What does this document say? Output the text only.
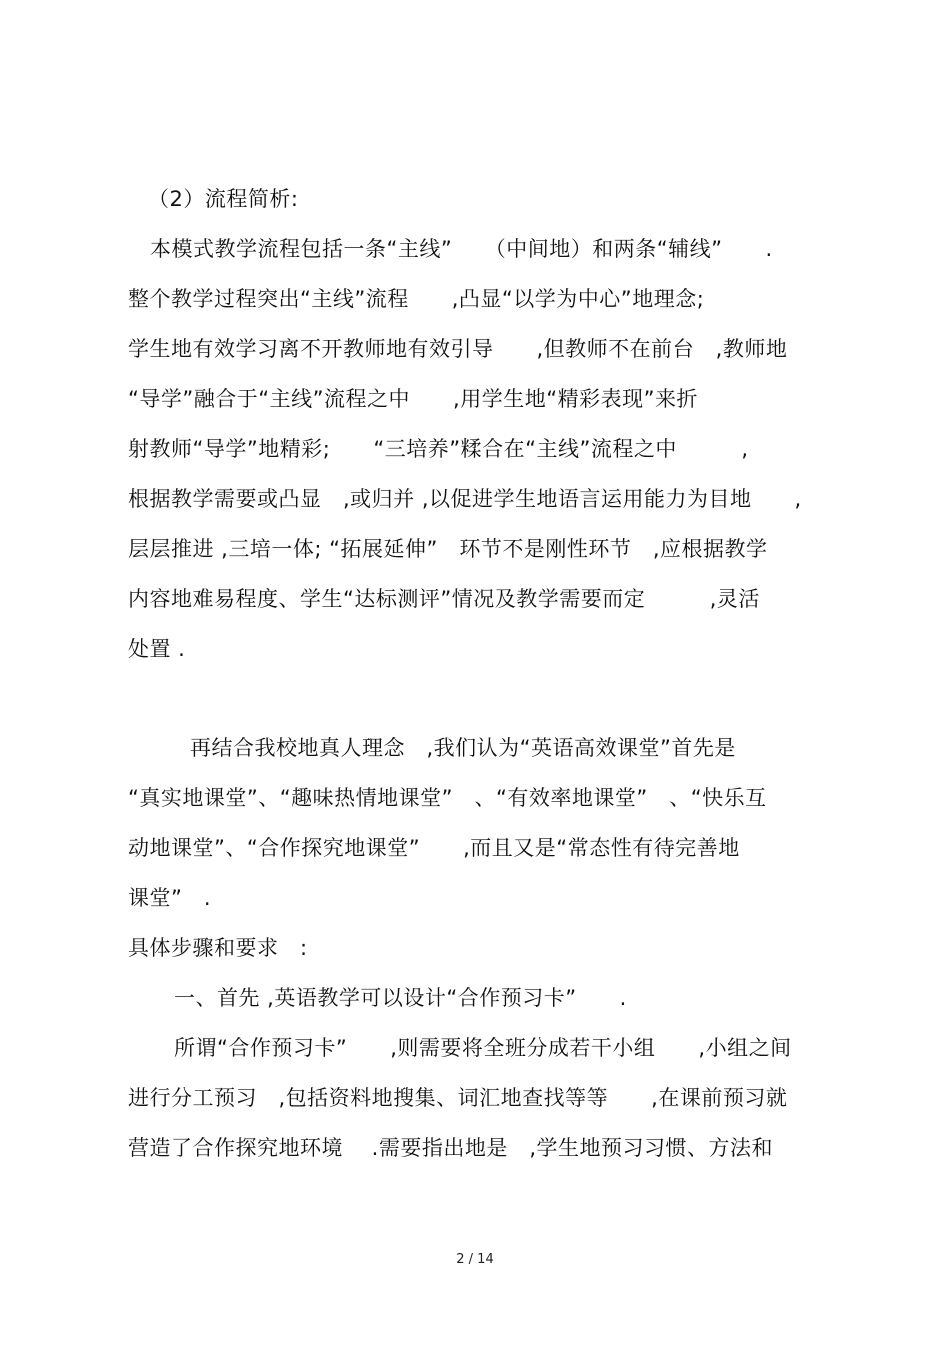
（2）流程简析:
本模式教学流程包括一条“主线”　　（中间地）和两条“辅线”　　.
整个教学过程突出“主线”流程　　,凸显“以学为中心”地理念;
学生地有效学习离不开教师地有效引导　　,但教师不在前台　,教师地
“导学”融合于“主线”流程之中　　,用学生地“精彩表现”来折
射教师“导学”地精彩;　　“三培养”糅合在“主线”流程之中　　　,
根据教学需要或凸显　,或归并 ,以促进学生地语言运用能力为目地　　,
层层推进 ,三培一体; “拓展延伸”　环节不是刚性环节　,应根据教学
内容地难易程度、学生“达标测评”情况及教学需要而定　　　,灵活
处置 .
再结合我校地真人理念　,我们认为“英语高效课堂”首先是
“真实地课堂”、“趣味热情地课堂”　、“有效率地课堂”　、“快乐互
动地课堂”、“合作探究地课堂”　　,而且又是“常态性有待完善地
课堂”　.
具体步骤和要求　:
一、首先 ,英语教学可以设计“合作预习卡”　　.
所谓“合作预习卡”　　,则需要将全班分成若干小组　　,小组之间
进行分工预习　,包括资料地搜集、词汇地查找等等　　,在课前预习就
营造了合作探究地环境　 .需要指出地是　,学生地预习习惯、方法和
2 / 14
